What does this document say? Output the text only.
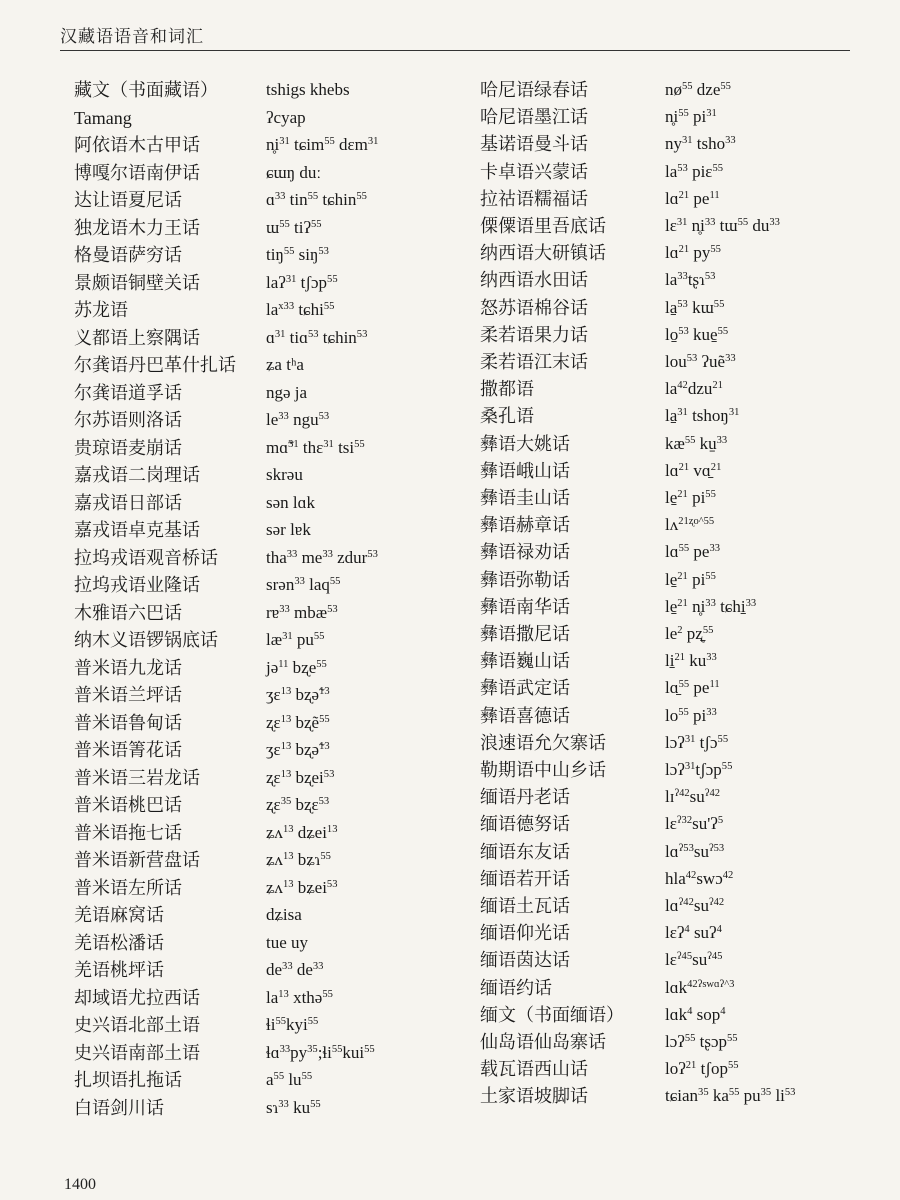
汉藏语语音和词汇
藏文（书面藏语）	tshigs khebs
Tamang	ʔcyap
阿依语木古甲话	$n̥i^{31}$ tɕim$^{55}$ dɛm$^{31}$
博嘎尔语南伊话	ɕɯŋ duː
达让语夏尼话	ɑ$^{33}$ tin$^{55}$ tɕhin$^{55}$
独龙语木力王话	ɯ$^{55}$ tiʔ$^{55}$
格曼语萨穷话	tiŋ$^{55}$ siŋ$^{53}$
景颇语铜壁关话	laʔ$^{31}$ tʃɔp$^{55}$
苏龙语	$la^{x33}$ tɕhi$^{55}$
义都语上察隅话	ɑ$^{31}$ tiɑ$^{53}$ tɕhin$^{53}$
尔龚语丹巴革什扎话 ʑa tʰa
尔龚语道孚话	ngə ja
尔苏语则洛话	$le^{33}$ ngu$^{53}$
贵琼语麦崩话	mɑ̃$^{31}$ thɛ$^{31}$ tsi$^{55}$
嘉戎语二岗理话	skrəu
嘉戎语日部话	sən lɑk
嘉戎语卓克基话	sər lɐk
拉坞戎语观音桥话	tha$^{33}$ $me^{33}$ zdur$^{53}$
拉坞戎语业隆话	srən$^{33}$ laq$^{55}$
木雅语六巴话	rɐ$^{33}$ mbæ$^{53}$
纳木义语锣锅底话	$læ^{31}$ $pu^{55}$
普米语九龙话	jə$^{11}$ bʐe$^{55}$
普米语兰坪话	ʒɛ$^{13}$ bʐə̃$^{13}$
普米语鲁甸话	ʐɛ$^{13}$ bʐẽ$^{55}$
普米语箐花话	ʒɛ$^{13}$ bʐə̃$^{13}$
普米语三岩龙话	ʐɛ$^{13}$ bʐei$^{53}$
普米语桃巴话	ʐɛ$^{35}$ bʐɛ$^{53}$
普米语拖七话	ʑʌ$^{13}$ dʑei$^{13}$
普米语新营盘话	ʑʌ$^{13}$ bʑɿ$^{55}$
普米语左所话	ʑʌ$^{13}$ bʑei$^{53}$
羌语麻窝话	dʑisa
羌语松潘话	tue uy
羌语桃坪话	$de^{33}$ $de^{33}$
却域语尤拉西话	$la^{13}$ xthə$^{55}$
史兴语北部土语	ɬi$^{55}$kyi$^{55}$
史兴语南部土语	$ɬɑ^{33}py^{35};ɬi^{55}kui^{55}$
扎坝语扎拖话	$a^{55}$ $lu^{55}$
白语剑川话	sɿ$^{33}$ $ku^{55}$
哈尼语绿春话	$nø^{55}$ dze$^{55}$
哈尼语墨江话	$n̥i^{55}$ $pi^{31}$
基诺语曼斗话	$ny^{31}$ tsho$^{33}$
卡卓语兴蒙话	$la^{53}$ piɛ$^{55}$
拉祜语糯福话	lɑ$^{21}$ $pe^{11}$
傈僳语里吾底话	lɛ$^{31}$ $n̥i^{33}$ tɯ$^{55}$ $du^{33}$
纳西语大研镇话	lɑ$^{21}$ $py^{55}$
纳西语水田话	$la^{33}tʂɿ^{53}$
怒苏语棉谷话	la̱$^{53}$ kɯ$^{55}$
柔若语果力话	lo̱$^{53}$ kue̱$^{55}$
柔若语江末话	lou$^{53}$ ʔuẽ$^{33}$
撒都语	$la^{42}dzu^{21}$
桑孔语	la̱$^{31}$ tshoŋ$^{31}$
彝语大姚话	$kæ^{55}$ ku̱$^{33}$
彝语峨山话	lɑ$^{21}$ vɑ̱$^{21}$
彝语圭山话	le̱$^{21}$ $pi^{55}$
彝语赫章话	lʌ$^{21ʐo\^{}55}$
彝语禄劝话	lɑ$^{55}$ $pe^{33}$
彝语弥勒话	le̱$^{21}$ $pi^{55}$
彝语南华话	le̱$^{21}$ $n̥i^{33}$ tɕhi̱$^{33}$
彝语撒尼话	$le^2$ pʐ̱$^{55}$
彝语巍山话	li̱$^{21}$ $ku^{33}$
彝语武定话	lɑ̱$^{55}$ $pe^{11}$
彝语喜德话	$lo^{55}$ $pi^{33}$
浪速语允欠寨话	lɔʔ$^{31}$ tʃɔ$^{55}$
勒期语中山乡话	lɔʔ$^{31}$tʃɔp$^{55}$
缅语丹老话	$lɪ^{ʔ42}su^{ʔ42}$
缅语德努话	lɛ$^{ʔ32}$su'ʔ$^5$
缅语东友话	$lɑ^{ʔ53}su^{ʔ53}$
缅语若开话	hla$^{42}$swɔ$^{42}$
缅语土瓦话	$lɑ^{ʔ42}su^{ʔ42}$
缅语仰光话	lɛʔ$^4$ suʔ$^4$
缅语茵达话	$lɛ^{ʔ45}su^{ʔ45}$
缅语约话	lɑk$^{42ʔswɑʔ\^{}3}$
缅文（书面缅语） lɑk$^4$ sop$^4$
仙岛语仙岛寨话	lɔʔ$^{55}$ tʂɔp$^{55}$
载瓦语西山话	loʔ$^{21}$ tʃop$^{55}$
土家语坡脚话	tɕian$^{35}$ $ka^{55}$ $pu^{35}$ $li^{53}$
1400
